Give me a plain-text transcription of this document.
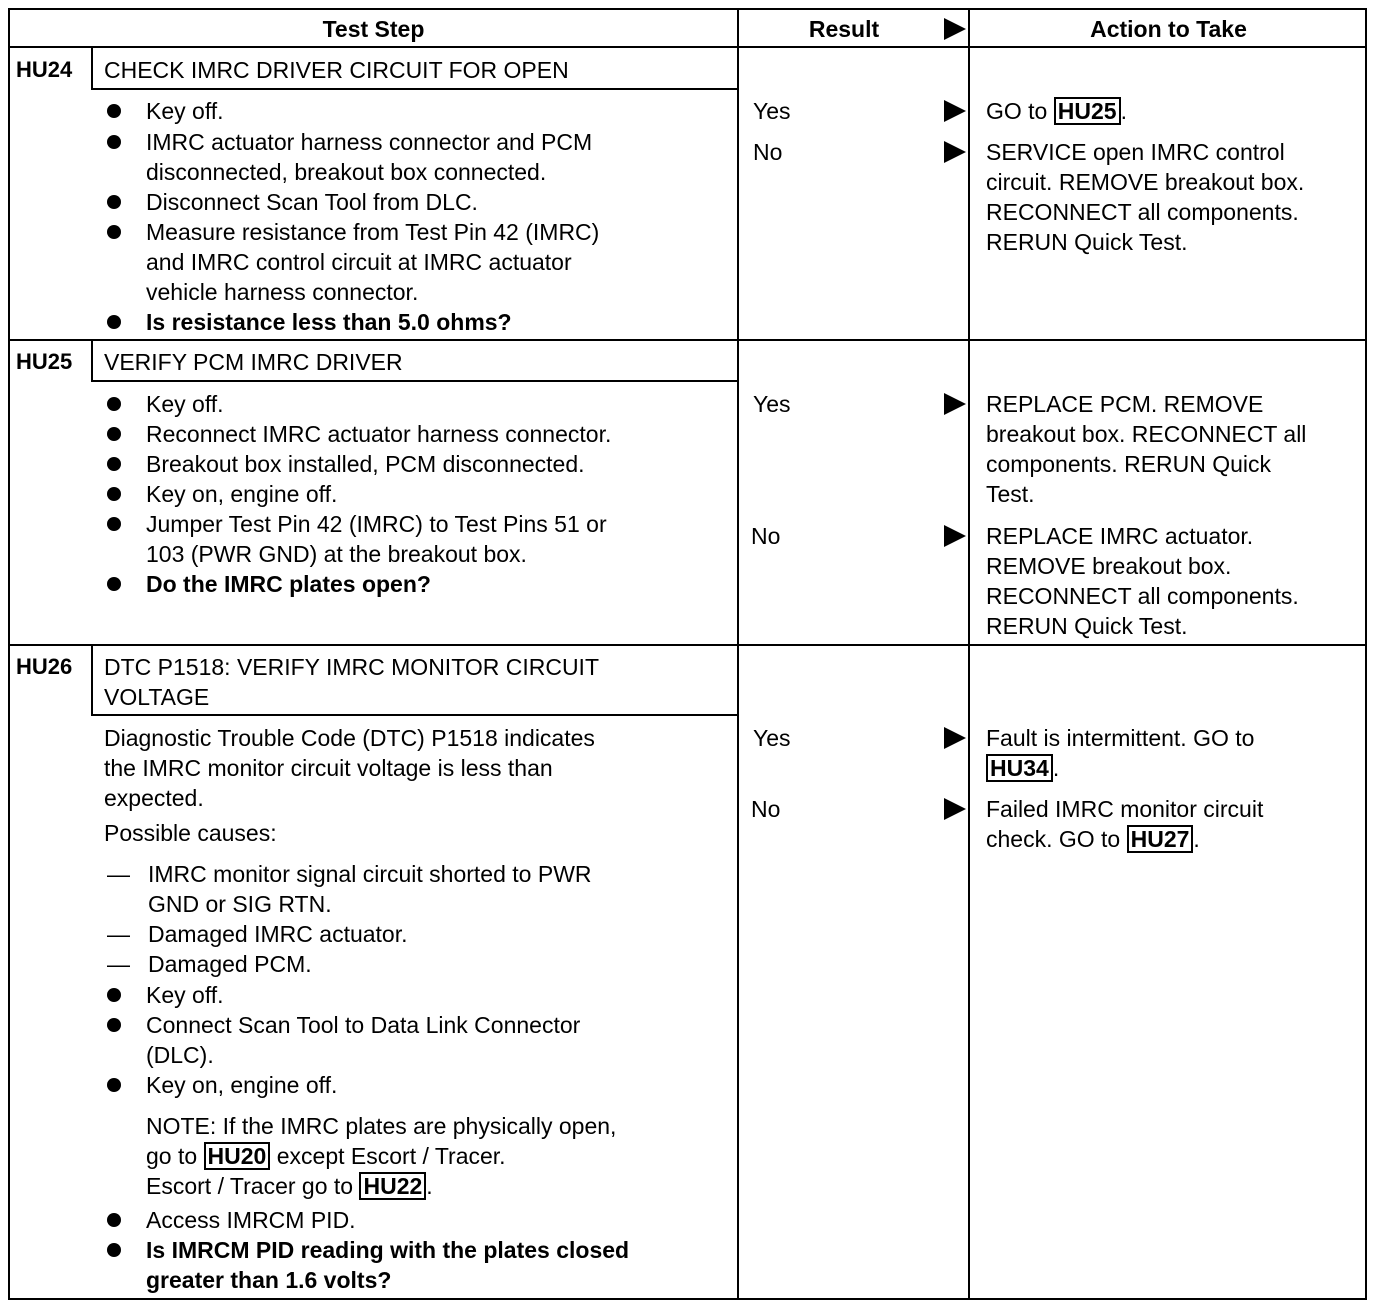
Test Step	Result	Action to Take
HU24 CHECK IMRC DRIVER CIRCUIT FOR OPEN
Key off.
IMRC actuator harness connector and PCM
disconnected, breakout box connected.
Disconnect Scan Tool from DLC.
Measure resistance from Test Pin 42 (IMRC)
and IMRC control circuit at IMRC actuator
vehicle harness connector.
Is resistance less than 5.0 ohms?
Yes
No
GO to HU25 .
SERVICE open IMRC control
circuit. REMOVE breakout box.
RECONNECT all components.
RERUN Quick Test.
HU25 VERIFY PCM IMRC DRIVER
Key off.
Reconnect IMRC actuator harness connector.
Breakout box installed, PCM disconnected.
Key on, engine off.
Jumper Test Pin 42 (IMRC) to Test Pins 51 or
103 (PWR GND) at the breakout box.
Do the IMRC plates open?
Yes
No
REPLACE PCM. REMOVE
breakout box. RECONNECT all
components. RERUN Quick
Test.
REPLACE IMRC actuator.
REMOVE breakout box.
RECONNECT all components.
RERUN Quick Test.
HU26 DTC P1518: VERIFY IMRC MONITOR CIRCUIT
VOLTAGE
Diagnostic Trouble Code (DTC) P1518 indicates
the IMRC monitor circuit voltage is less than
expected.
Possible causes:
— IMRC monitor signal circuit shorted to PWR
GND or SIG RTN.
— Damaged IMRC actuator.
— Damaged PCM.
Key off.
Connect Scan Tool to Data Link Connector
(DLC).
Key on, engine off.
NOTE: If the IMRC plates are physically open,
go to HU20 except Escort / Tracer.
Escort / Tracer go to HU22 .
Access IMRCM PID.
Is IMRCM PID reading with the plates closed
greater than 1.6 volts?
Yes
No
Fault is intermittent. GO to
HU34 .
Failed IMRC monitor circuit
check. GO to HU27 .
